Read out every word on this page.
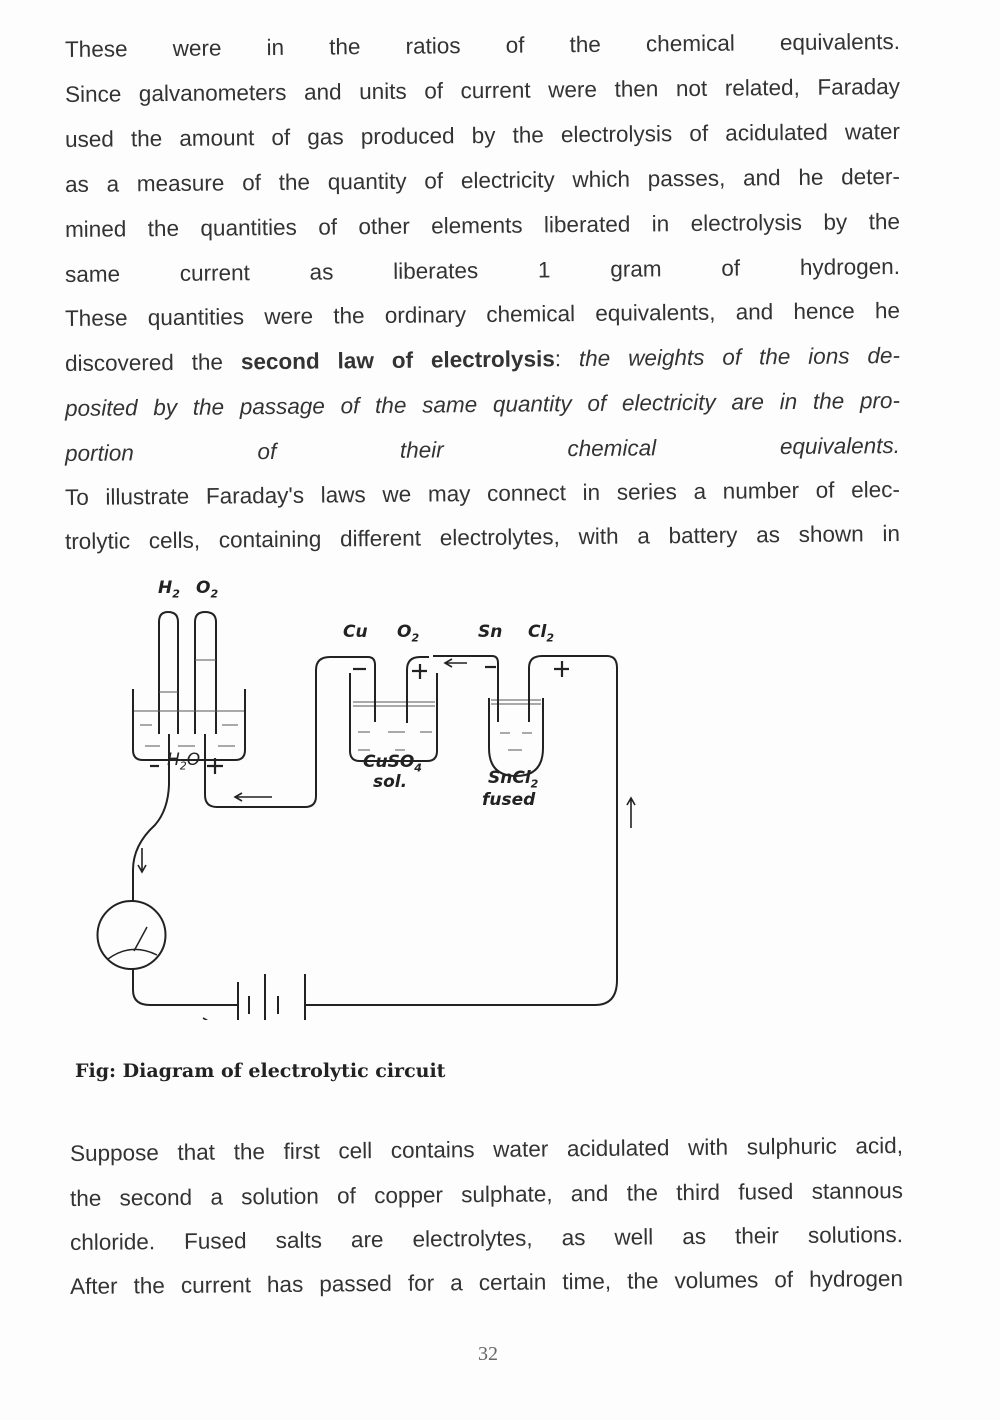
These were in the ratios of the chemical equivalents.
Since galvanometers and units of current were then not related, Faraday
used the amount of gas produced by the electrolysis of acidulated water
as a measure of the quantity of electricity which passes, and he deter-
mined the quantities of other elements liberated in electrolysis by the
same current as liberates 1 gram of hydrogen.
These quantities were the ordinary chemical equivalents, and hence he
discovered the second law of electrolysis: the weights of the ions de-
posited by the passage of the same quantity of electricity are in the pro-
portion of their chemical equivalents.
To illustrate Faraday's laws we may connect in series a number of elec-
trolytic cells, containing different electrolytes, with a battery as shown in
$H_2$ $O_2$
Cu $O_2$	Sn $Cl_2$
$H_2O$	CuSO$_4$
sol.	SnCl$_2$
fused
Fig: Diagram of electrolytic circuit
Suppose that the first cell contains water acidulated with sulphuric acid,
the second a solution of copper sulphate, and the third fused stannous
chloride. Fused salts are electrolytes, as well as their solutions.
After the current has passed for a certain time, the volumes of hydrogen
32
